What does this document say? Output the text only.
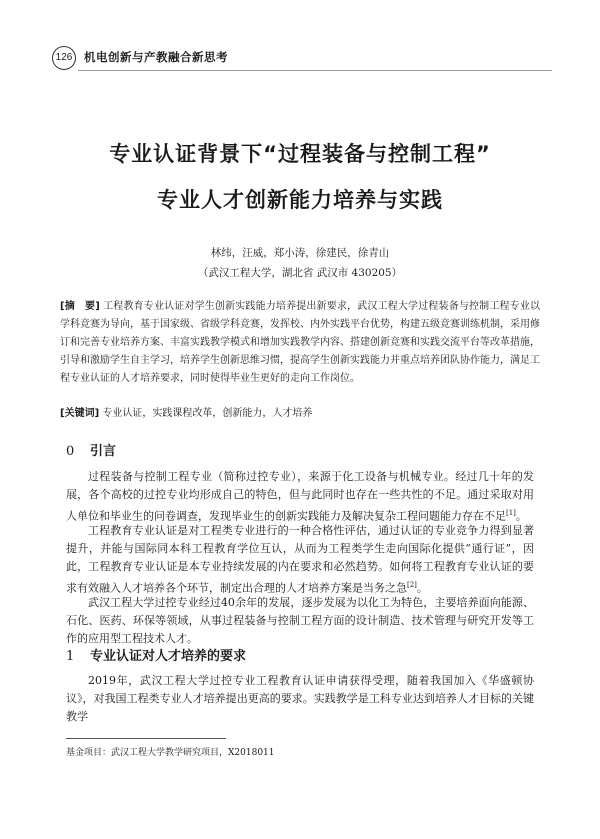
126	机电创新与产教融合新思考
专业认证背景下“过程装备与控制工程”
专业人才创新能力培养与实践
林纬，汪威，郑小涛，徐建民，徐青山
（武汉工程大学，湖北省 武汉市 430205）
[摘　要] 工程教育专业认证对学生创新实践能力培养提出新要求，武汉工程大学过程装备与控制工程专业以学科竞赛为导向，基于国家级、省级学科竞赛，发挥校、内外实践平台优势，构建五级竞赛训练机制，采用修订和完善专业培养方案、丰富实践教学模式和增加实践教学内容、搭建创新竞赛和实践交流平台等改革措施，引导和激励学生自主学习，培养学生创新思维习惯，提高学生创新实践能力并重点培养团队协作能力，满足工程专业认证的人才培养要求，同时使得毕业生更好的走向工作岗位。
[关键词] 专业认证，实践课程改革，创新能力，人才培养
0 引言
过程装备与控制工程专业（简称过控专业），来源于化工设备与机械专业。经过几十年的发展，各个高校的过控专业均形成自己的特色，但与此同时也存在一些共性的不足。通过采取对用人单位和毕业生的问卷调查，发现毕业生的创新实践能力及解决复杂工程问题能力存在不足[1]。
工程教育专业认证是对工程类专业进行的一种合格性评估，通过认证的专业竞争力得到显著提升，并能与国际同本科工程教育学位互认，从而为工程类学生走向国际化提供“通行证”，因此，工程教育专业认证是本专业持续发展的内在要求和必然趋势。如何将工程教育专业认证的要求有效融入人才培养各个环节，制定出合理的人才培养方案是当务之急[2]。
武汉工程大学过控专业经过40余年的发展，逐步发展为以化工为特色，主要培养面向能源、石化、医药、环保等领域，从事过程装备与控制工程方面的设计制造、技术管理与研究开发等工作的应用型工程技术人才。
1 专业认证对人才培养的要求
2019年，武汉工程大学过控专业工程教育认证申请获得受理，随着我国加入《华盛顿协议》，对我国工程类专业人才培养提出更高的要求。实践教学是工科专业达到培养人才目标的关键教学
基金项目：武汉工程大学教学研究项目，X2018011
